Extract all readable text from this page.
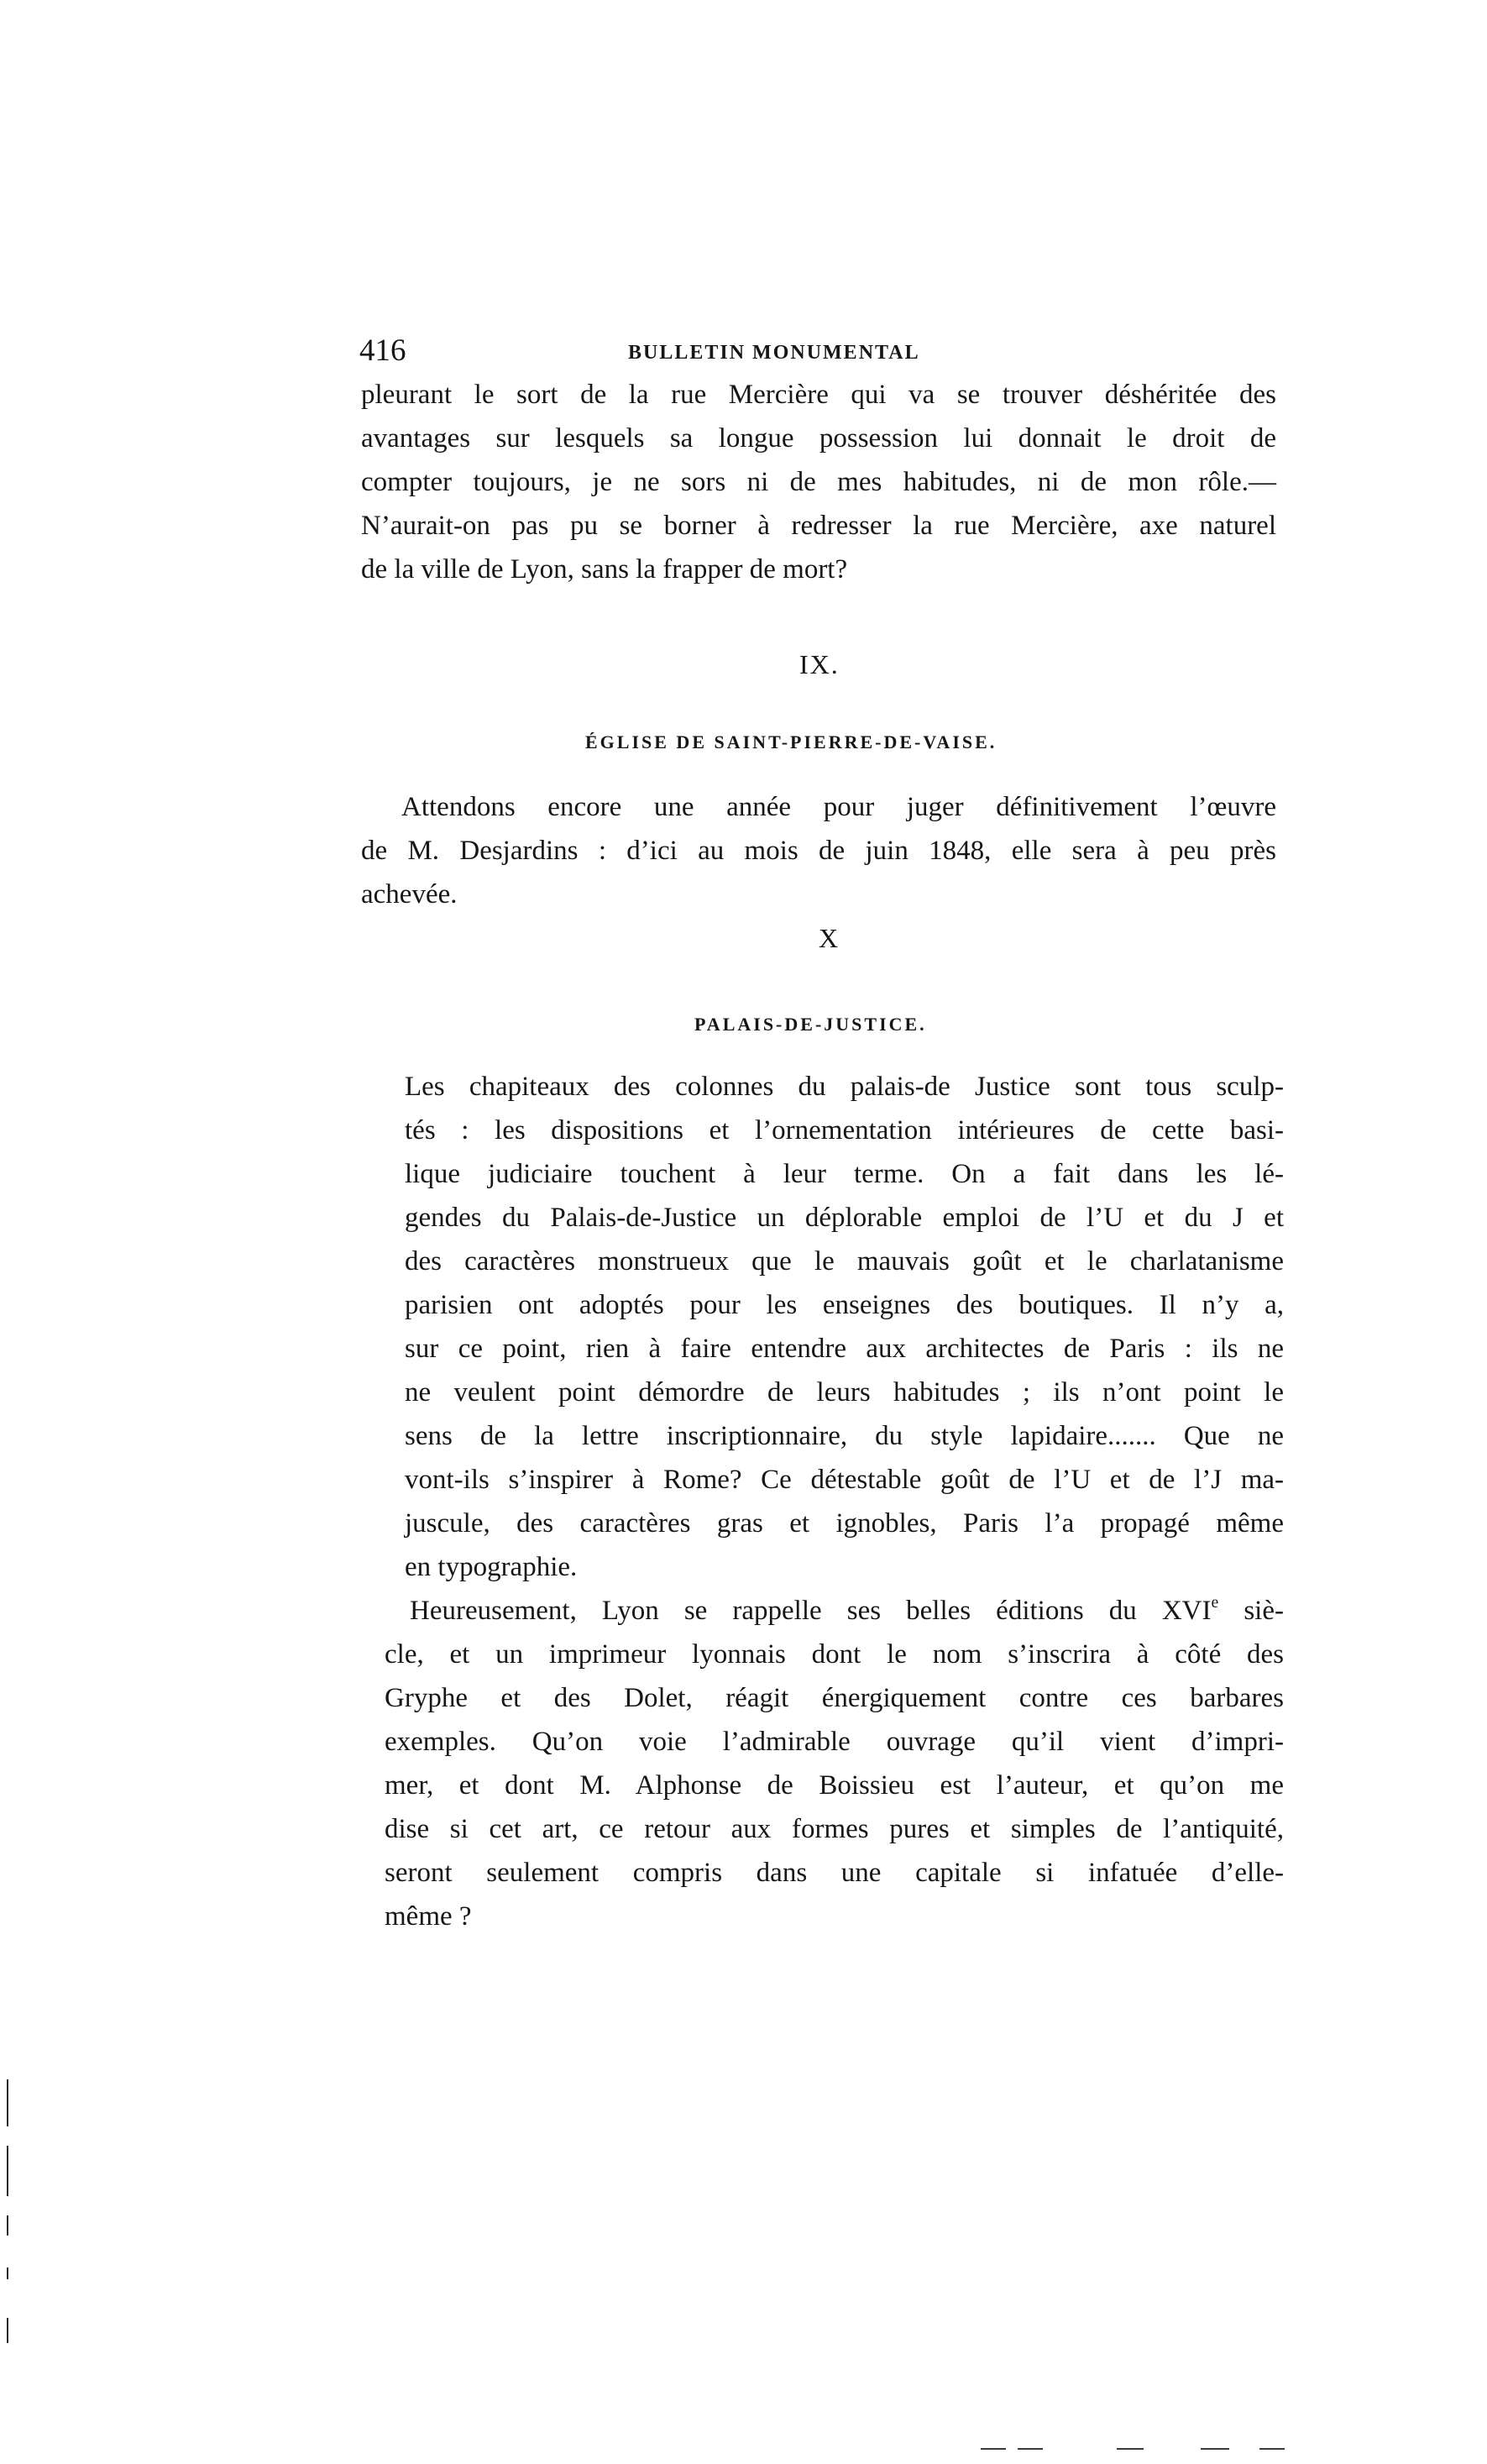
416	BULLETIN MONUMENTAL
pleurant le sort de la rue Mercière qui va se trouver déshéritée des
avantages sur lesquels sa longue possession lui donnait le droit de
compter toujours, je ne sors ni de mes habitudes, ni de mon rôle.—
N’aurait-on pas pu se borner à redresser la rue Mercière, axe naturel
de la ville de Lyon, sans la frapper de mort?
IX.
ÉGLISE DE SAINT-PIERRE-DE-VAISE.
Attendons encore une année pour juger définitivement l’œuvre
de M. Desjardins : d’ici au mois de juin 1848, elle sera à peu près
achevée.
X
PALAIS-DE-JUSTICE.
Les chapiteaux des colonnes du palais-de Justice sont tous sculp-
tés : les dispositions et l’ornementation intérieures de cette basi-
lique judiciaire touchent à leur terme. On a fait dans les lé-
gendes du Palais-de-Justice un déplorable emploi de l’U et du J et
des caractères monstrueux que le mauvais goût et le charlatanisme
parisien ont adoptés pour les enseignes des boutiques. Il n’y a,
sur ce point, rien à faire entendre aux architectes de Paris : ils ne
ne veulent point démordre de leurs habitudes ; ils n’ont point le
sens de la lettre inscriptionnaire, du style lapidaire....... Que ne
vont-ils s’inspirer à Rome? Ce détestable goût de l’U et de l’J ma-
juscule, des caractères gras et ignobles, Paris l’a propagé même
en typographie.
Heureusement, Lyon se rappelle ses belles éditions du XVIe siè-
cle, et un imprimeur lyonnais dont le nom s’inscrira à côté des
Gryphe et des Dolet, réagit énergiquement contre ces barbares
exemples. Qu’on voie l’admirable ouvrage qu’il vient d’impri-
mer, et dont M. Alphonse de Boissieu est l’auteur, et qu’on me
dise si cet art, ce retour aux formes pures et simples de l’antiquité,
seront seulement compris dans une capitale si infatuée d’elle-
même ?
